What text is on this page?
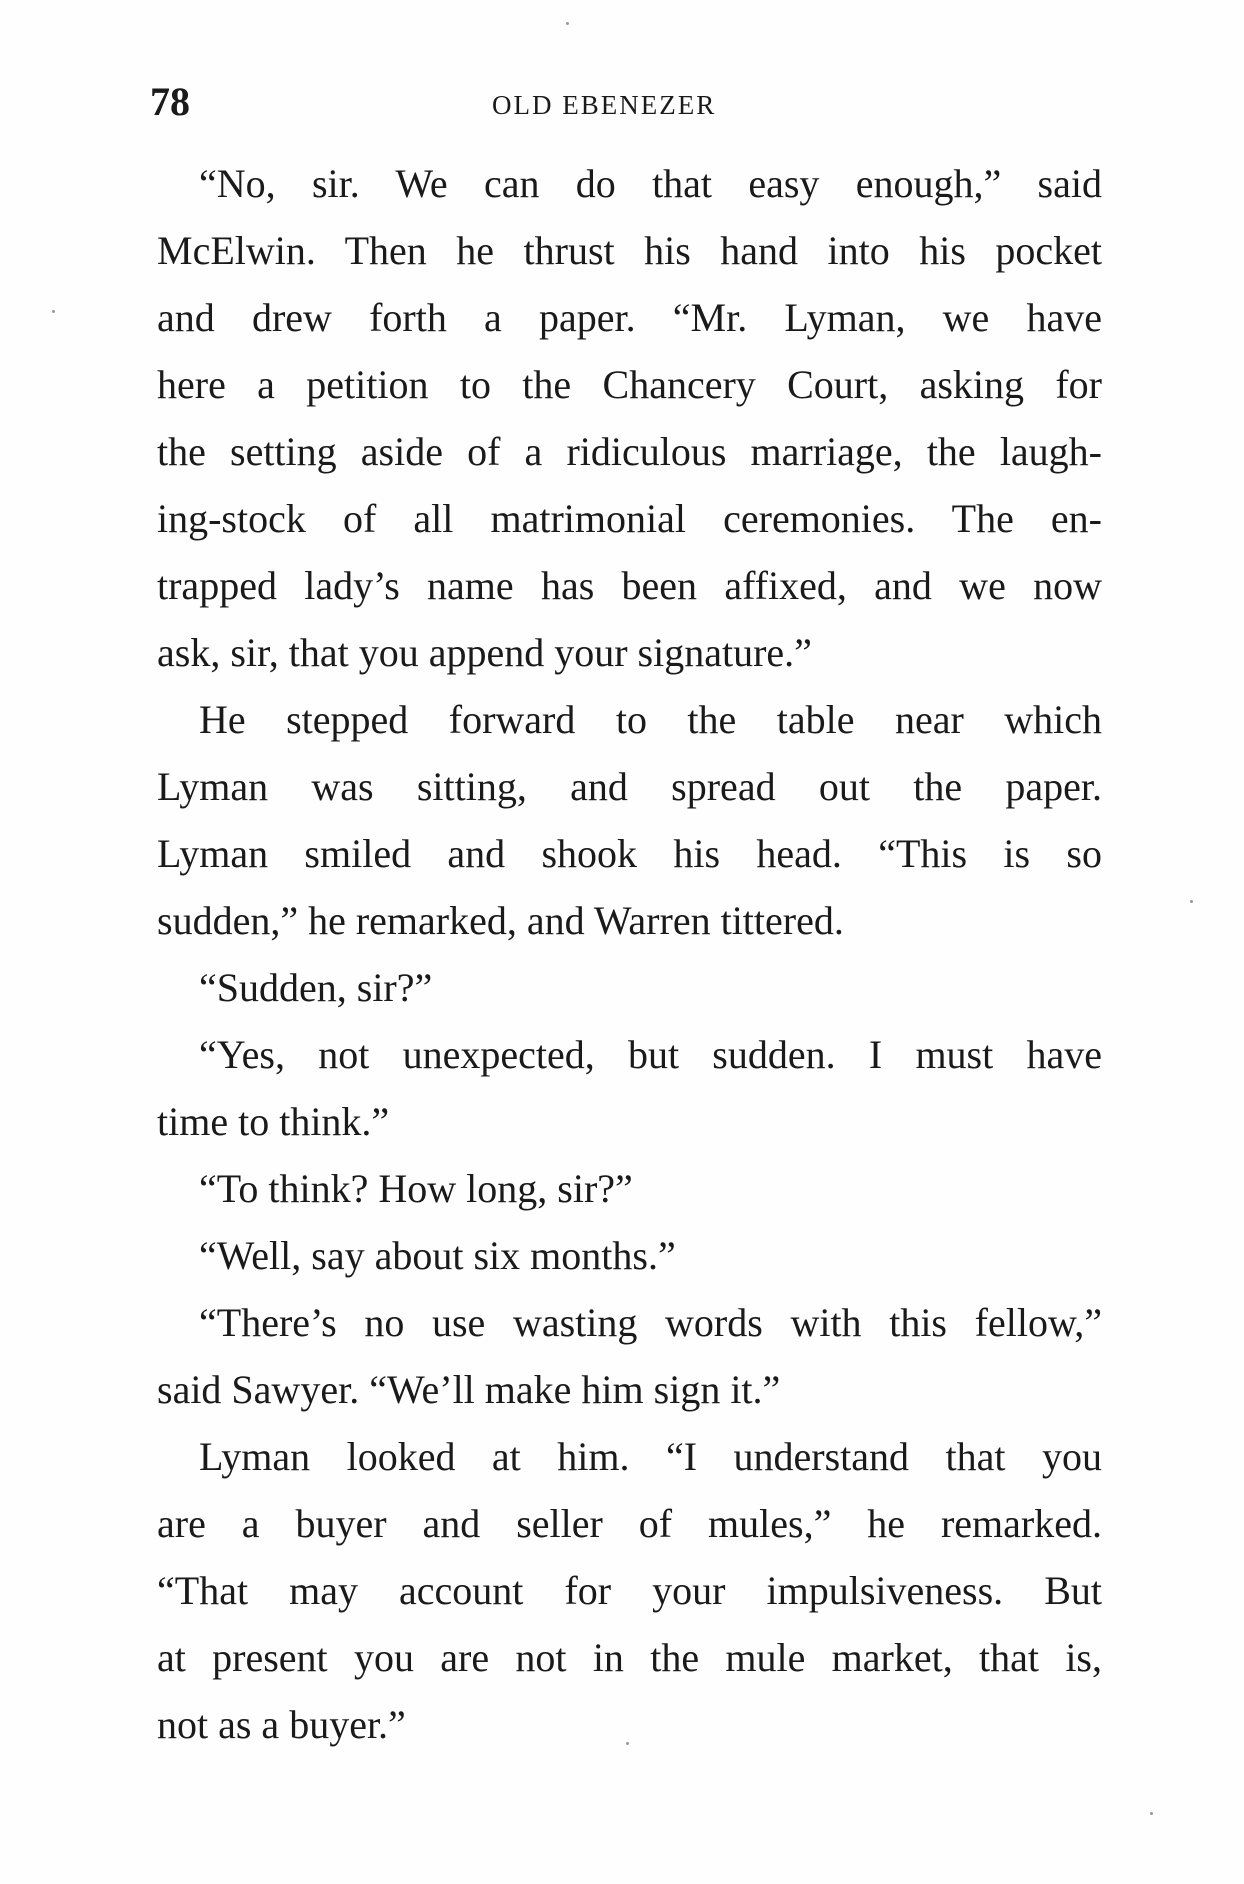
78	OLD EBENEZER
“No, sir. We can do that easy enough,” said
McElwin. Then he thrust his hand into his pocket
and drew forth a paper. “Mr. Lyman, we have
here a petition to the Chancery Court, asking for
the setting aside of a ridiculous marriage, the laugh-
ing-stock of all matrimonial ceremonies. The en-
trapped lady’s name has been affixed, and we now
ask, sir, that you append your signature.”
He stepped forward to the table near which
Lyman was sitting, and spread out the paper.
Lyman smiled and shook his head. “This is so
sudden,” he remarked, and Warren tittered.
“Sudden, sir?”
“Yes, not unexpected, but sudden. I must have
time to think.”
“To think? How long, sir?”
“Well, say about six months.”
“There’s no use wasting words with this fellow,”
said Sawyer. “We’ll make him sign it.”
Lyman looked at him. “I understand that you
are a buyer and seller of mules,” he remarked.
“That may account for your impulsiveness. But
at present you are not in the mule market, that is,
not as a buyer.”
